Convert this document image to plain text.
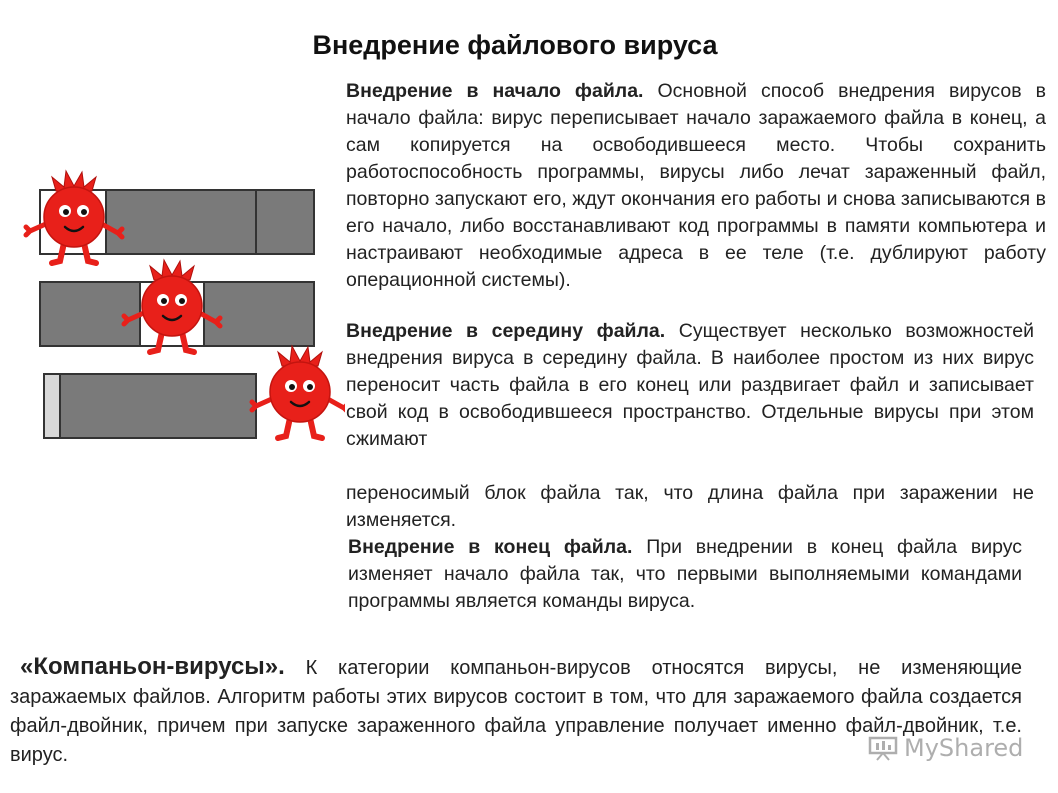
Внедрение файлового вируса
Внедрение в начало файла. Основной способ внедрения вирусов в начало файла: вирус переписывает начало заражаемого файла в конец, а сам копируется на освободившееся место. Чтобы сохранить работоспособность программы, вирусы либо лечат зараженный файл, повторно запускают его, ждут окончания его работы и снова записываются в его начало, либо восстанавливают код программы в памяти компьютера и настраивают необходимые адреса в ее теле (т.е. дублируют работу операционной системы).
Внедрение в середину файла. Существует несколько возможностей внедрения вируса в середину файла. В наиболее простом из них вирус переносит часть файла в его конец или раздвигает файл и записывает свой код в освободившееся пространство. Отдельные вирусы при этом сжимают
переносимый блок файла так, что длина файла при заражении не изменяется.
Внедрение в конец файла. При внедрении в конец файла вирус изменяет начало файла так, что первыми выполняемыми командами программы является команды вируса.
«Компаньон-вирусы». К категории компаньон-вирусов относятся вирусы, не изменяющие заражаемых файлов. Алгоритм работы этих вирусов состоит в том, что для заражаемого файла создается файл-двойник, причем при запуске зараженного файла управление получает именно файл-двойник, т.е. вирус.	MyShared
